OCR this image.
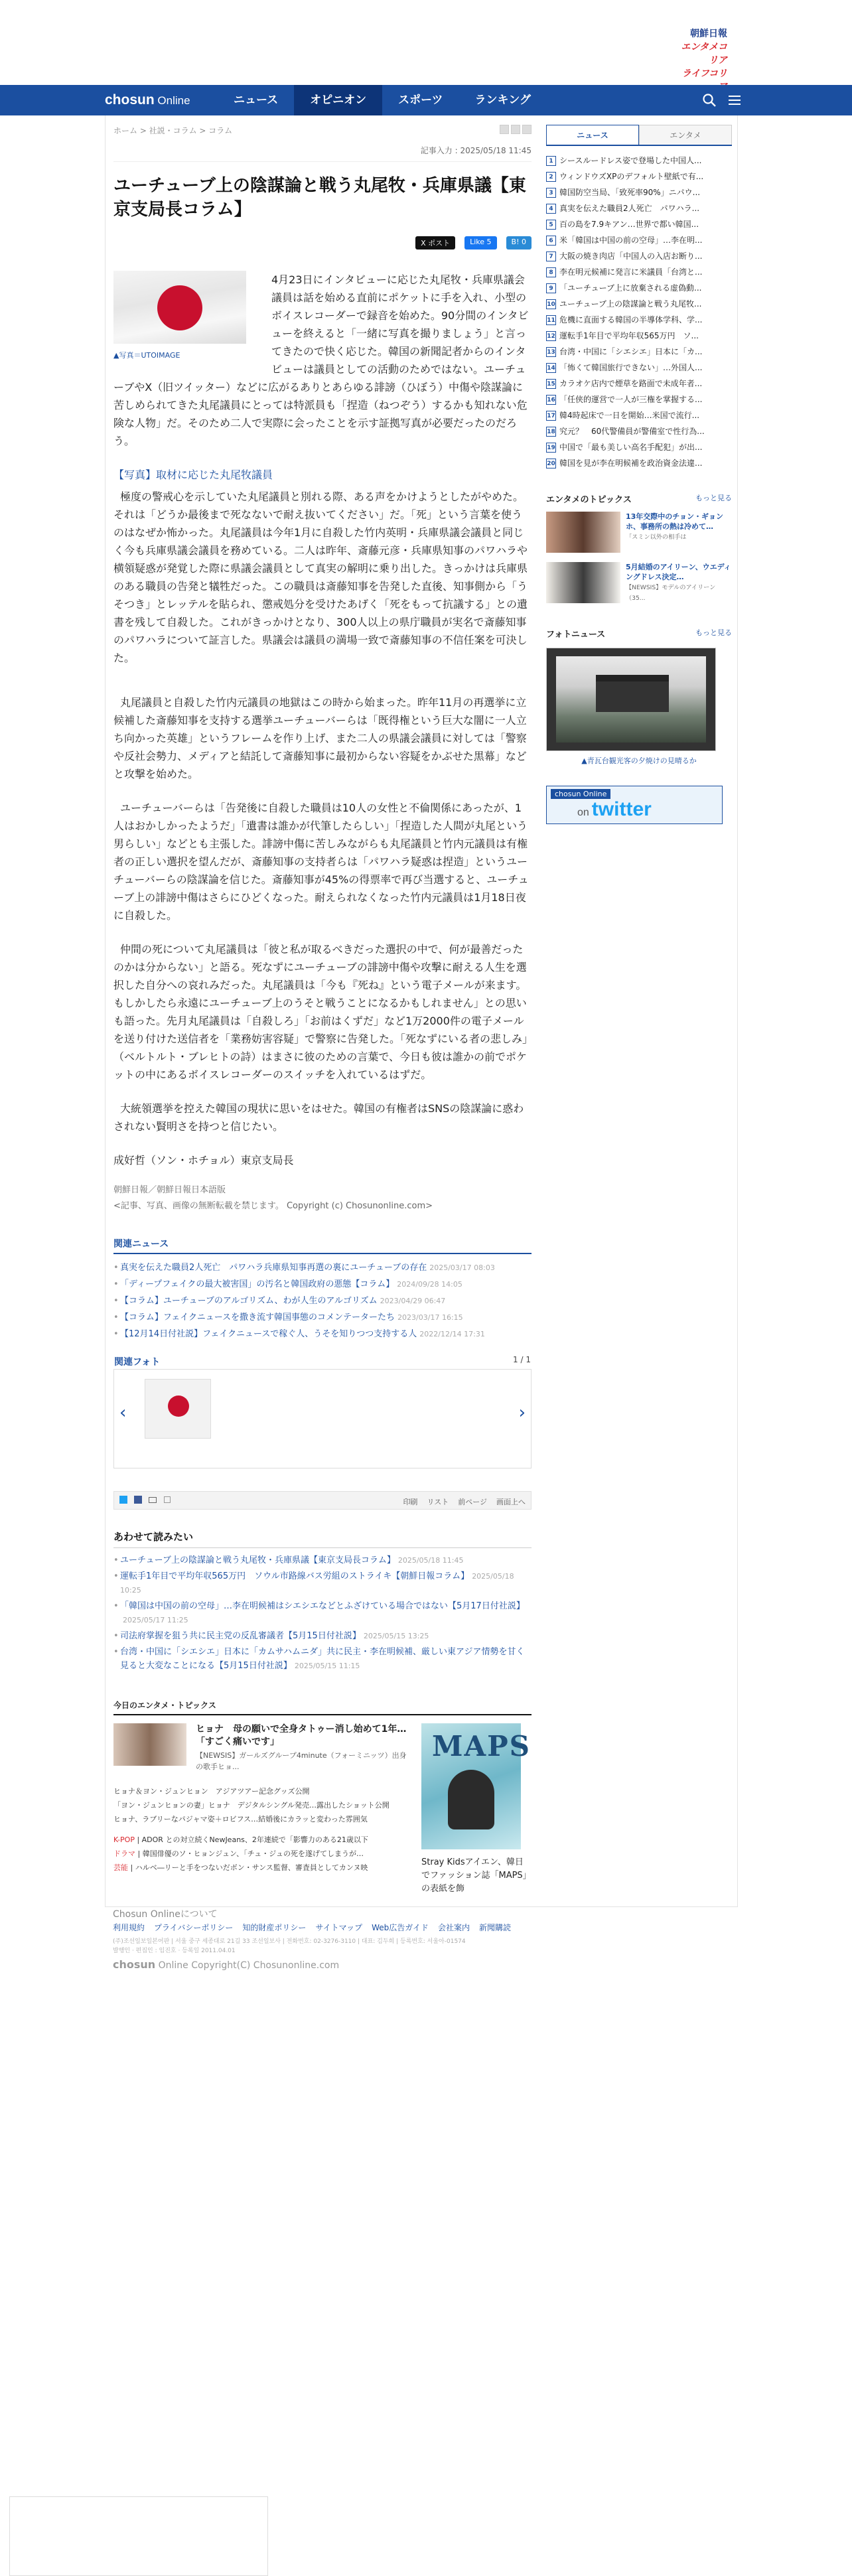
朝鮮日報
エンタメコリア
ライフコリ
chosun Online	ニュース	オピニオン	スポーツ	ランキング
ホーム > 社説・コラム > コラム
記事入力 : 2025/05/18 11:45
ユーチューブ上の陰謀論と戦う丸尾牧・兵庫県議【東京支局長コラム】
X ポスト	Like 5	B! 0
▲写真＝UTOIMAGE

4月23日にインタビューに応じた丸尾牧・兵庫県議会議員は話を始める直前にポケットに手を入れ、小型のボイスレコーダーで録音を始めた。90分間のインタビューを終えると「一緒に写真を撮りましょう」と言ってきたので快く応じた。韓国の新聞記者からのインタビューは議員としての活動のためではない。ユーチューブやX（旧ツイッター）などに広がるありとあらゆる誹謗（ひぼう）中傷や陰謀論に苦しめられてきた丸尾議員にとっては特派員も「捏造（ねつぞう）するかも知れない危険な人物」だ。そのため二人で実際に会ったことを示す証拠写真が必要だったのだろう。

【写真】取材に応じた丸尾牧議員

極度の警戒心を示していた丸尾議員と別れる際、ある声をかけようとしたがやめた。それは「どうか最後まで死なないで耐え抜いてください」だ。「死」という言葉を使うのはなぜか怖かった。丸尾議員は今年1月に自殺した竹内英明・兵庫県議会議員と同じく今も兵庫県議会議員を務めている。二人は昨年、斎藤元彦・兵庫県知事のパワハラや横領疑惑が発覚した際に県議会議員として真実の解明に乗り出した。きっかけは兵庫県のある職員の告発と犠牲だった。この職員は斎藤知事を告発した直後、知事側から「うそつき」とレッテルを貼られ、懲戒処分を受けたあげく「死をもって抗議する」との遺書を残して自殺した。これがきっかけとなり、300人以上の県庁職員が実名で斎藤知事のパワハラについて証言した。県議会は議員の満場一致で斎藤知事の不信任案を可決した。

丸尾議員と自殺した竹内元議員の地獄はこの時から始まった。昨年11月の再選挙に立候補した斎藤知事を支持する選挙ユーチューバーらは「既得権という巨大な闇に一人立ち向かった英雄」というフレームを作り上げ、また二人の県議会議員に対しては「警察や反社会勢力、メディアと結託して斎藤知事に最初からない容疑をかぶせた黒幕」などと攻撃を始めた。

ユーチューバーらは「告発後に自殺した職員は10人の女性と不倫関係にあったが、1人はおかしかったようだ」「遺書は誰かが代筆したらしい」「捏造した人間が丸尾という男らしい」などとも主張した。誹謗中傷に苦しみながらも丸尾議員と竹内元議員は有権者の正しい選択を望んだが、斎藤知事の支持者らは「パワハラ疑惑は捏造」というユーチューバーらの陰謀論を信じた。斎藤知事が45%の得票率で再び当選すると、ユーチューブ上の誹謗中傷はさらにひどくなった。耐えられなくなった竹内元議員は1月18日夜に自殺した。

仲間の死について丸尾議員は「彼と私が取るべきだった選択の中で、何が最善だったのかは分からない」と語る。死なずにユーチューブの誹謗中傷や攻撃に耐える人生を選択した自分への哀れみだった。丸尾議員は「今も『死ね』という電子メールが来ます。もしかしたら永遠にユーチューブ上のうそと戦うことになるかもしれません」との思いも語った。先月丸尾議員は「自殺しろ」「お前はくずだ」など1万2000件の電子メールを送り付けた送信者を「業務妨害容疑」で警察に告発した。「死なずにいる者の悲しみ」（ベルトルト・ブレヒトの詩）はまさに彼のための言葉で、今日も彼は誰かの前でポケットの中にあるボイスレコーダーのスイッチを入れているはずだ。

大統領選挙を控えた韓国の現状に思いをはせた。韓国の有権者はSNSの陰謀論に惑わされない賢明さを持つと信じたい。

成好哲（ソン・ホチョル）東京支局長
朝鮮日報／朝鮮日報日本語版
<記事、写真、画像の無断転載を禁じます。 Copyright (c) Chosunonline.com>
関連ニュース
• 真実を伝えた職員2人死亡　パワハラ兵庫県知事再選の裏にユーチューブの存在 2025/03/17 08:03
• 「ディープフェイクの最大被害国」の汚名と韓国政府の悪態【コラム】 2024/09/28 14:05
• 【コラム】ユーチューブのアルゴリズム、わが人生のアルゴリズム 2023/04/29 06:47
• 【コラム】フェイクニュースを撒き流す韓国事態のコメンテーターたち 2023/03/17 16:15
• 【12月14日付社説】フェイクニュースで稼ぐ人、うそを知りつつ支持する人 2022/12/14 17:31
関連フォト	1 / 1
‹	›
印刷 リスト 前ページ 画面上へ
あわせて読みたい
• ユーチューブ上の陰謀論と戦う丸尾牧・兵庫県議【東京支局長コラム】 2025/05/18 11:45
• 運転手1年目で平均年収565万円　ソウル市路線バス労組のストライキ【朝鮮日報コラム】 2025/05/18 10:25
• 「韓国は中国の前の空母」…李在明候補はシエシエなどとふざけている場合ではない【5月17日付社説】2025/05/17 11:25
• 司法府掌握を狙う共に民主党の反乱審議者【5月15日付社説】 2025/05/15 13:25
• 台湾・中国に「シエシエ」日本に「カムサハムニダ」共に民主・李在明候補、厳しい東アジア情勢を甘く見ると大変なことになる【5月15日付社説】 2025/05/15 11:15
今日のエンタメ・トピックス
ヒョナ　母の願いで全身タトゥー消し始めて1年…「すごく痛いです」
【NEWSIS】ガールズグループ4minute（フォーミニッツ）出身の歌手ヒョ...
ヒョナ＆ヨン・ジュンヒョン　アジアツアー記念グッズ公開
「ヨン・ジュンヒョンの妻」ヒョナ　デジタルシングル発売…露出したショット公開
ヒョナ、ラブリーなパジャマ姿＋ロビフス…結婚後にカラッと変わった雰囲気
K-POP | ADOR との対立続くNewJeans、2年連続で「影響力のある21歳以下
ドラマ | 韓国俳優のソ・ヒョンジュン、「チュ・ジュの死を遂げてしまうが…
芸能 | ハルベ―リーと手をつないだボン・サンス監督、審査員としてカンヌ映
MAPS
Stray Kidsアイエン、韓日でファッション誌「MAPS」の表紙を飾
ニュース	エンタメ
1 シースルードレス姿で登場した中国人...
2 ウィンドウズXPのデフォルト壁紙で有...
3 韓国防空当局、「致死率90%」ニパウ...
4 真実を伝えた職員2人死亡　パワハラ...
5 百の島を7.9キアン…世界で都い韓国...
6 米「韓国は中国の前の空母」…李在明...
7 大阪の焼き肉店「中国人の入店お断り...
8 李在明元候補に発言に米議員「台湾と...
9 「ユーチューブ上に放棄される虚偽動...
10 ユーチューブ上の陰謀論と戦う丸尾牧...
11 危機に直面する韓国の半導体学科、学...
12 運転手1年目で平均年収565万円　ソ...
13 台湾・中国に「シエシエ」日本に「カ...
14 「怖くて韓国旅行できない」…外国人...
15 カラオケ店内で煙草を路面で未成年者...
16 「任侠的運営で一人が三権を掌握する...
17 韓4時起床で一日を開始…米国で流行...
18 究元？　60代警備員が警備室で性行為...
19 中国で「最も美しい高名手配犯」が出...
20 韓国を見が李在明候補を政治資金法違...
もっと見る
エンタメのトピックス
13年交際中のチョン・ギョンホ、事務所の熱は冷めて…
「スミン以外の相手は
5月結婚のアイリーン、ウエディングドレス決定…
【NEWSIS】モデルのアイリーン（35...
もっと見る
フォトニュース
▲青瓦台観光客の夕焼けの見晴るか
chosun Online
on twitter
Chosun Onlineについて
利用規約 プライバシーポリシー 知的財産ポリシー サイトマップ Web広告ガイド 会社案内 新聞購読
(주)조선일보일본어판 | 서울 중구 세종대로 21길 33 조선일보사 | 전화번호: 02-3276-3110 | 대표: 김두희 | 등록번호: 서울아-01574
발행인 · 편집인 : 임진호 · 등록일 2011.04.01
chosun Online Copyright(C) Chosunonline.com
